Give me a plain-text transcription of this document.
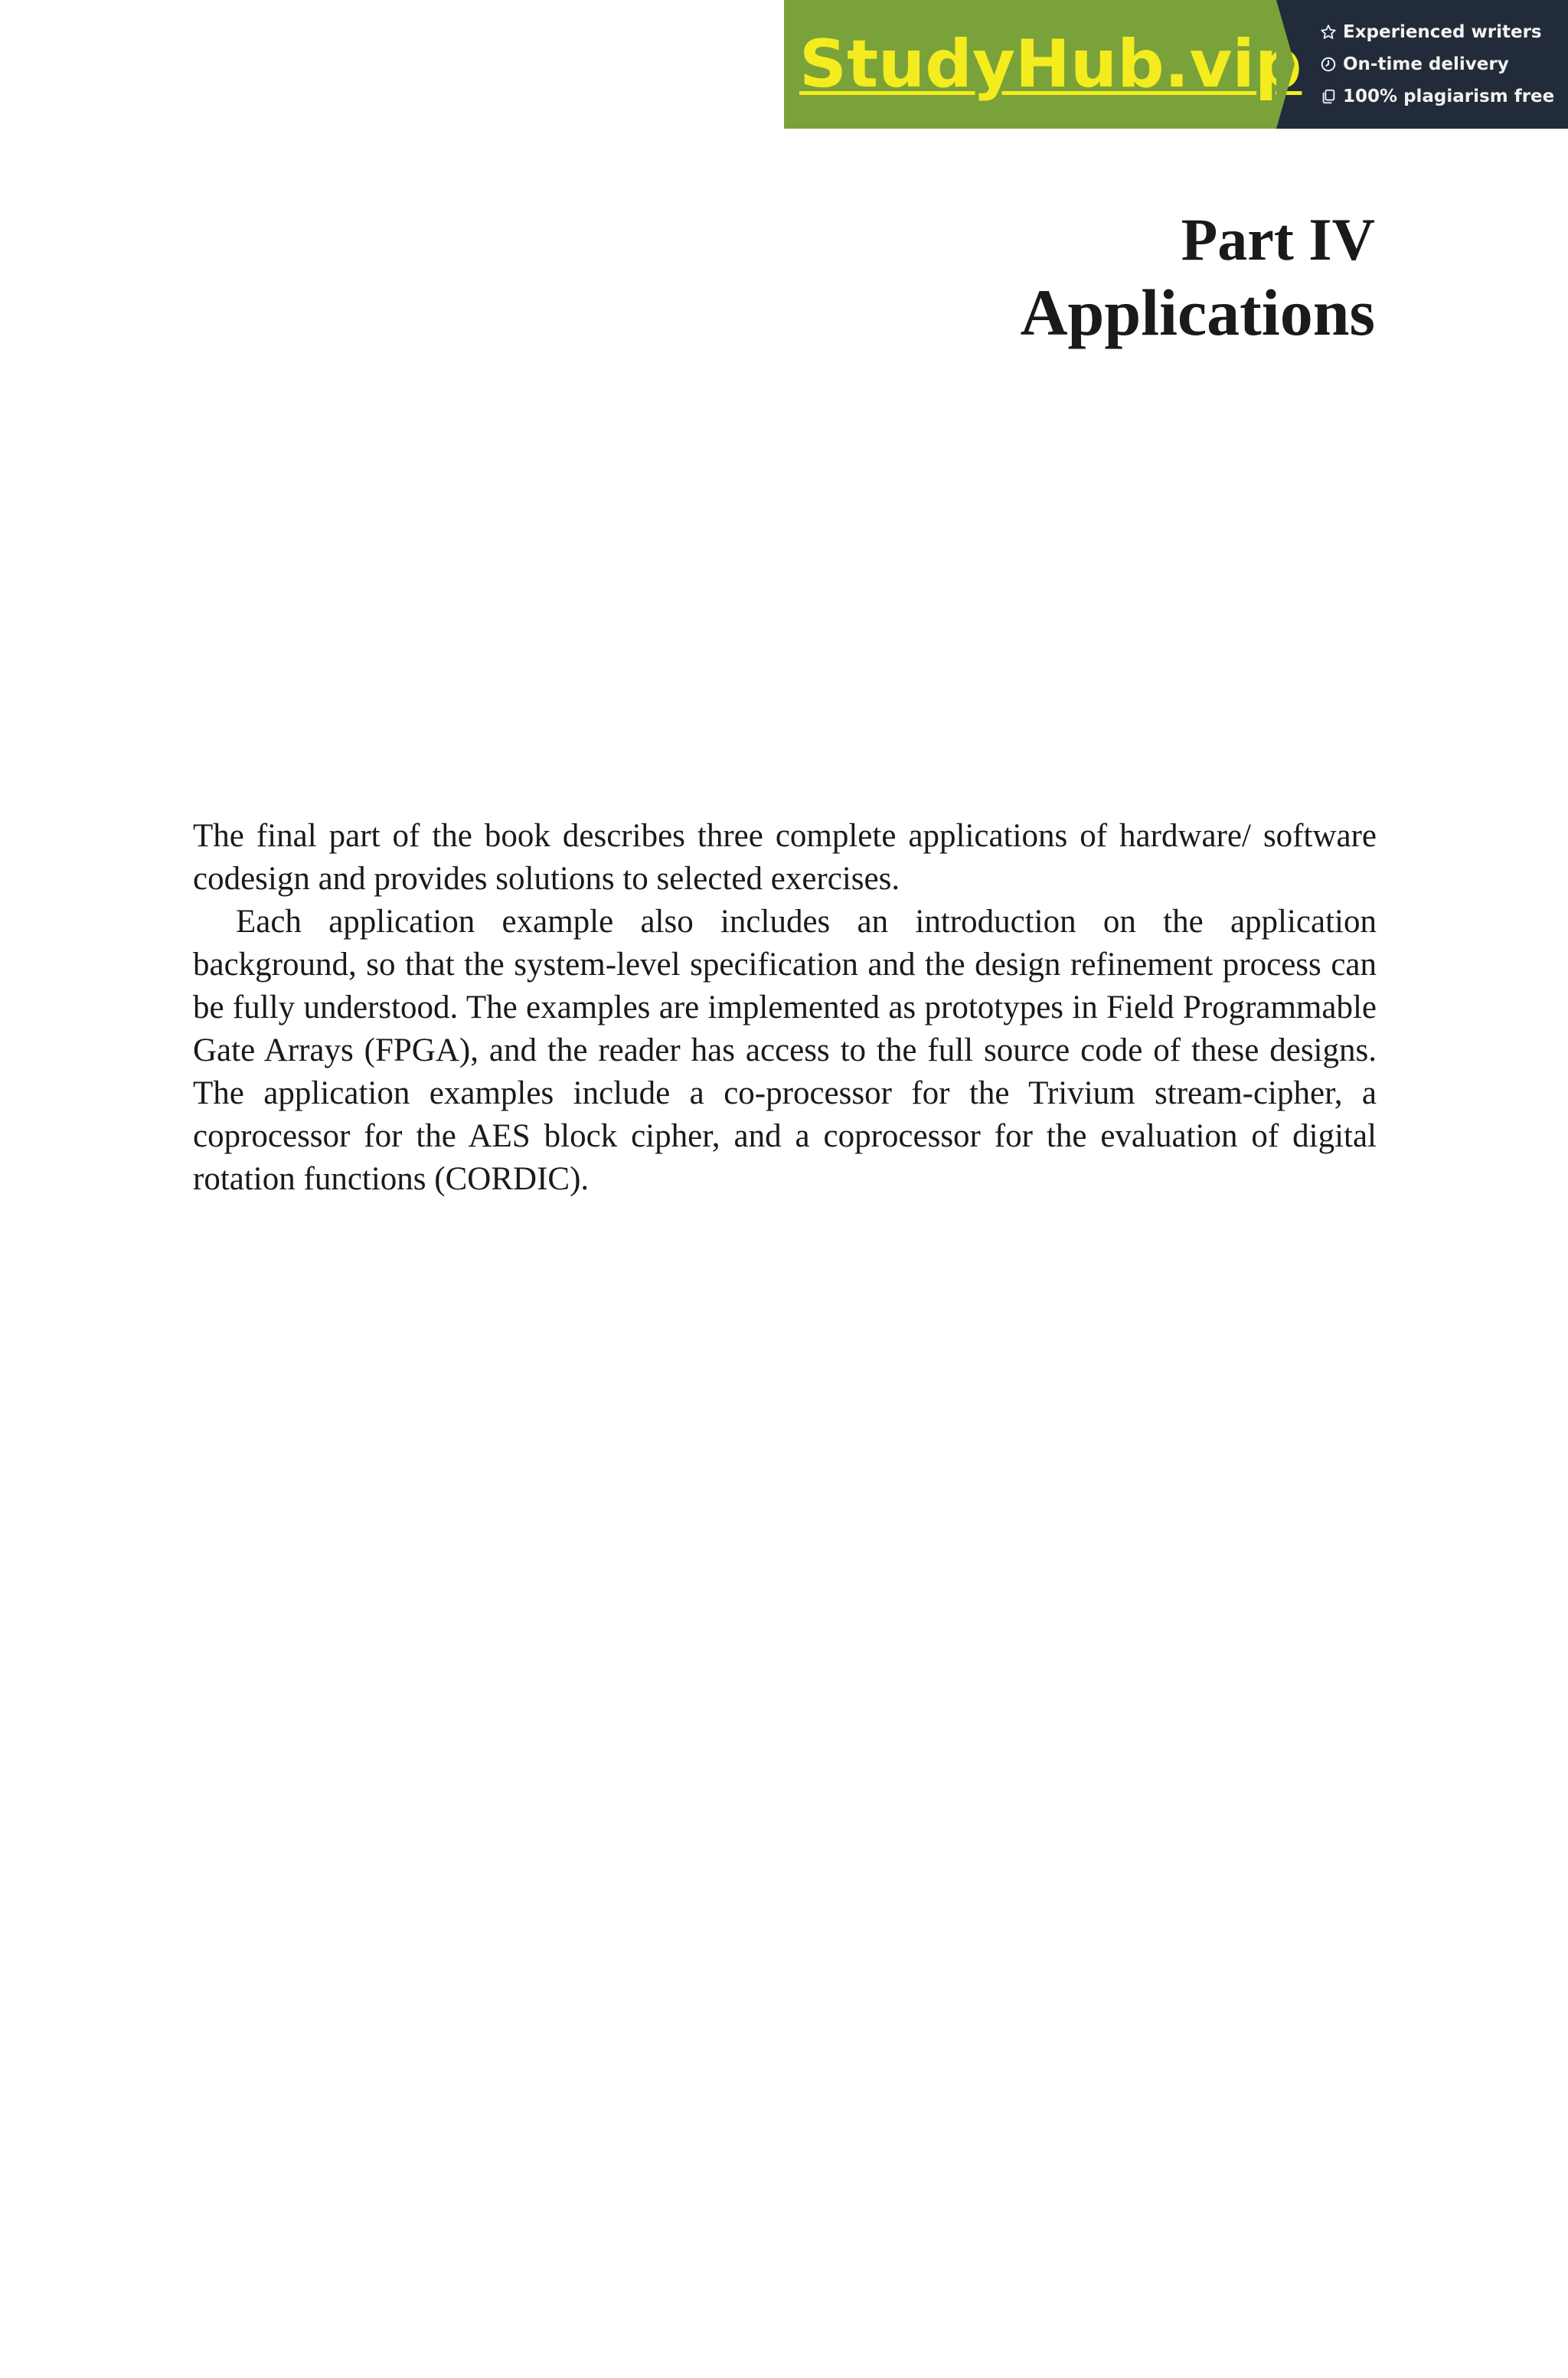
StudyHub.vip Experienced writers
On-time delivery
100% plagiarism free
Part IV
Applications

The final part of the book describes three complete applications of hardware/ software codesign and provides solutions to selected exercises.

Each application example also includes an introduction on the application background, so that the system-level specification and the design refinement process can be fully understood. The examples are implemented as prototypes in Field Programmable Gate Arrays (FPGA), and the reader has access to the full source code of these designs. The application examples include a co-processor for the Trivium stream-cipher, a coprocessor for the AES block cipher, and a coprocessor for the evaluation of digital rotation functions (CORDIC).
